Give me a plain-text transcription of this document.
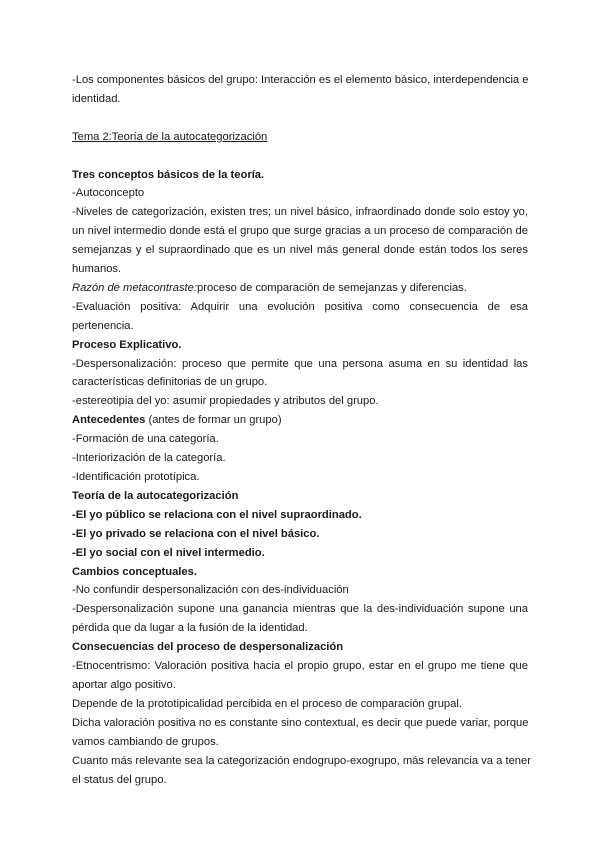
-Los componentes básicos del grupo: Interacción es el elemento básico, interdependencia e
identidad.
Tema 2:Teoría de la autocategorización
Tres conceptos básicos de la teoría.
-Autoconcepto
-Niveles de categorización, existen tres; un nivel básico, infraordinado donde solo estoy yo,
un nivel intermedio donde está el grupo que surge gracias a un proceso de comparación de
semejanzas y el supraordinado que es un nivel más general donde están todos los seres
humanos.
Razón de metacontraste:proceso de comparación de semejanzas y diferencias.
-Evaluación positiva: Adquirir una evolución positiva como consecuencia de esa
pertenencia.
Proceso Explicativo.
-Despersonalización: proceso que permite que una persona asuma en su identidad las
características definitorias de un grupo.
-estereotipia del yo: asumir propiedades y atributos del grupo.
Antecedentes (antes de formar un grupo)
-Formación de una categoría.
-Interiorización de la categoría.
-Identificación prototípica.
Teoría de la autocategorización
-El yo público se relaciona con el nivel supraordinado.
-El yo privado se relaciona con el nivel básico.
-El yo social con el nivel intermedio.
Cambios conceptuales.
-No confundir despersonalización con des-individuación
-Despersonalización supone una ganancia mientras que la des-individuación supone una
pérdida que da lugar a la fusión de la identidad.
Consecuencias del proceso de despersonalización
-Etnocentrismo: Valoración positiva hacia el propio grupo, estar en el grupo me tiene que
aportar algo positivo.
Depende de la prototipicalidad percibida en el proceso de comparación grupal.
Dicha valoración positiva no es constante sino contextual, es decir que puede variar, porque
vamos cambiando de grupos.
Cuanto más relevante sea la categorización endogrupo-exogrupo, más relevancia va a tener
el status del grupo.
